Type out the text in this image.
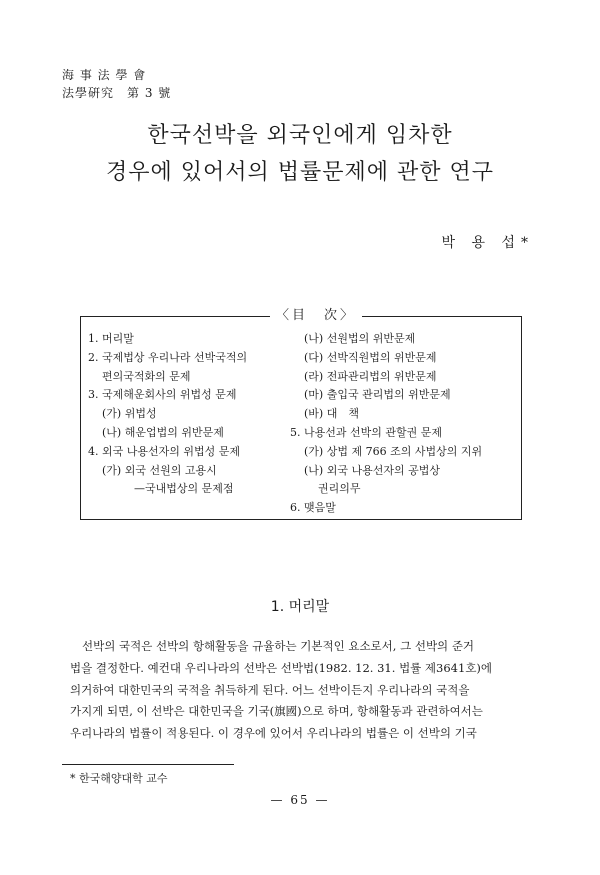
海 事 法 學 會
法學硏究　第 3 號
한국선박을 외국인에게 임차한
경우에 있어서의 법률문제에 관한 연구
박 용 섭*
〈目　次〉
1. 머리말
2. 국제법상 우리나라 선박국적의
편의국적화의 문제
3. 국제해운회사의 위법성 문제
(가) 위법성
(나) 해운업법의 위반문제
4. 외국 나용선자의 위법성 문제
(가) 외국 선원의 고용시
—국내법상의 문제점
(나) 선원법의 위반문제
(다) 선박직원법의 위반문제
(라) 전파관리법의 위반문제
(마) 출입국 관리법의 위반문제
(바) 대　책
5. 나용선과 선박의 관할권 문제
(가) 상법 제 766 조의 사법상의 지위
(나) 외국 나용선자의 공법상
권리의무
6. 맺음말
1. 머리말
선박의 국적은 선박의 항해활동을 규율하는 기본적인 요소로서, 그 선박의 준거
법을 결정한다. 예컨대 우리나라의 선박은 선박법(1982. 12. 31. 법률 제3641호)에
의거하여 대한민국의 국적을 취득하게 된다. 어느 선박이든지 우리나라의 국적을
가지게 되면, 이 선박은 대한민국을 기국(旗國)으로 하며, 항해활동과 관련하여서는
우리나라의 법률이 적용된다. 이 경우에 있어서 우리나라의 법률은 이 선박의 기국
* 한국해양대학 교수
— 65 —
